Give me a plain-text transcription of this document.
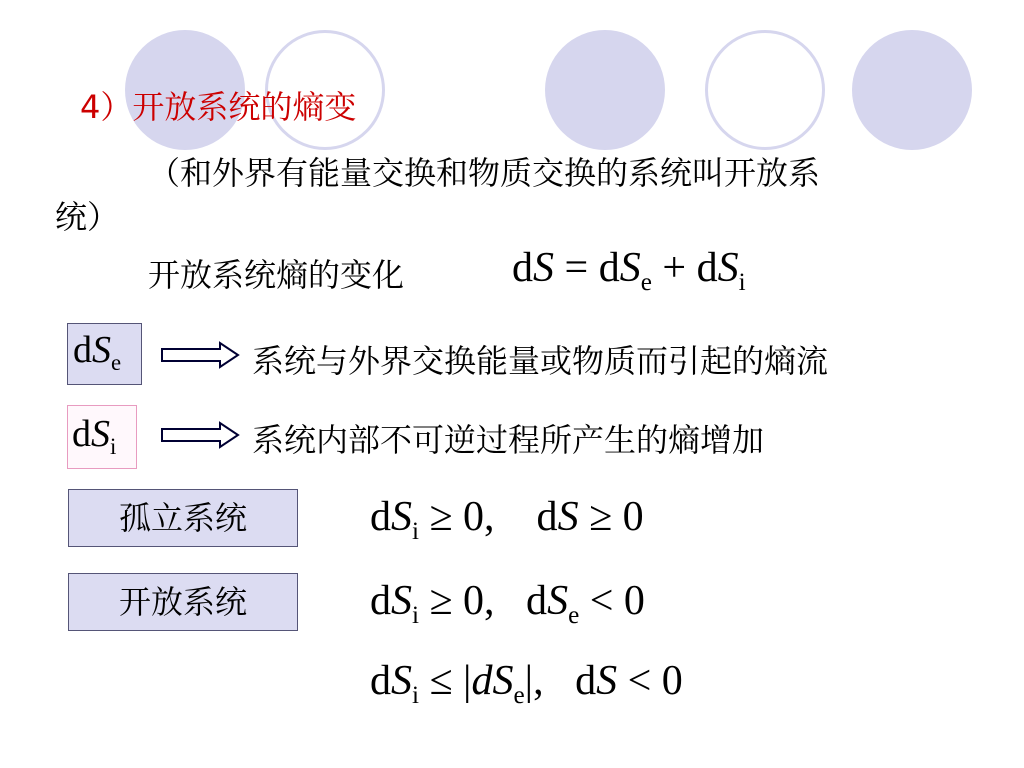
4）开放系统的熵变
（和外界有能量交换和物质交换的系统叫开放系
统）
开放系统熵的变化	dS = $dS_e + dS_i$
$dS_e$	系统与外界交换能量或物质而引起的熵流
$dS_i$	系统内部不可逆过程所产生的熵增加
孤立系统	$dS_i \ge 0$,    dS ≥ 0
开放系统	$dS_i \ge 0$,   $dS_e < 0$
$dS_i \le |dS_e|$,   dS < 0
